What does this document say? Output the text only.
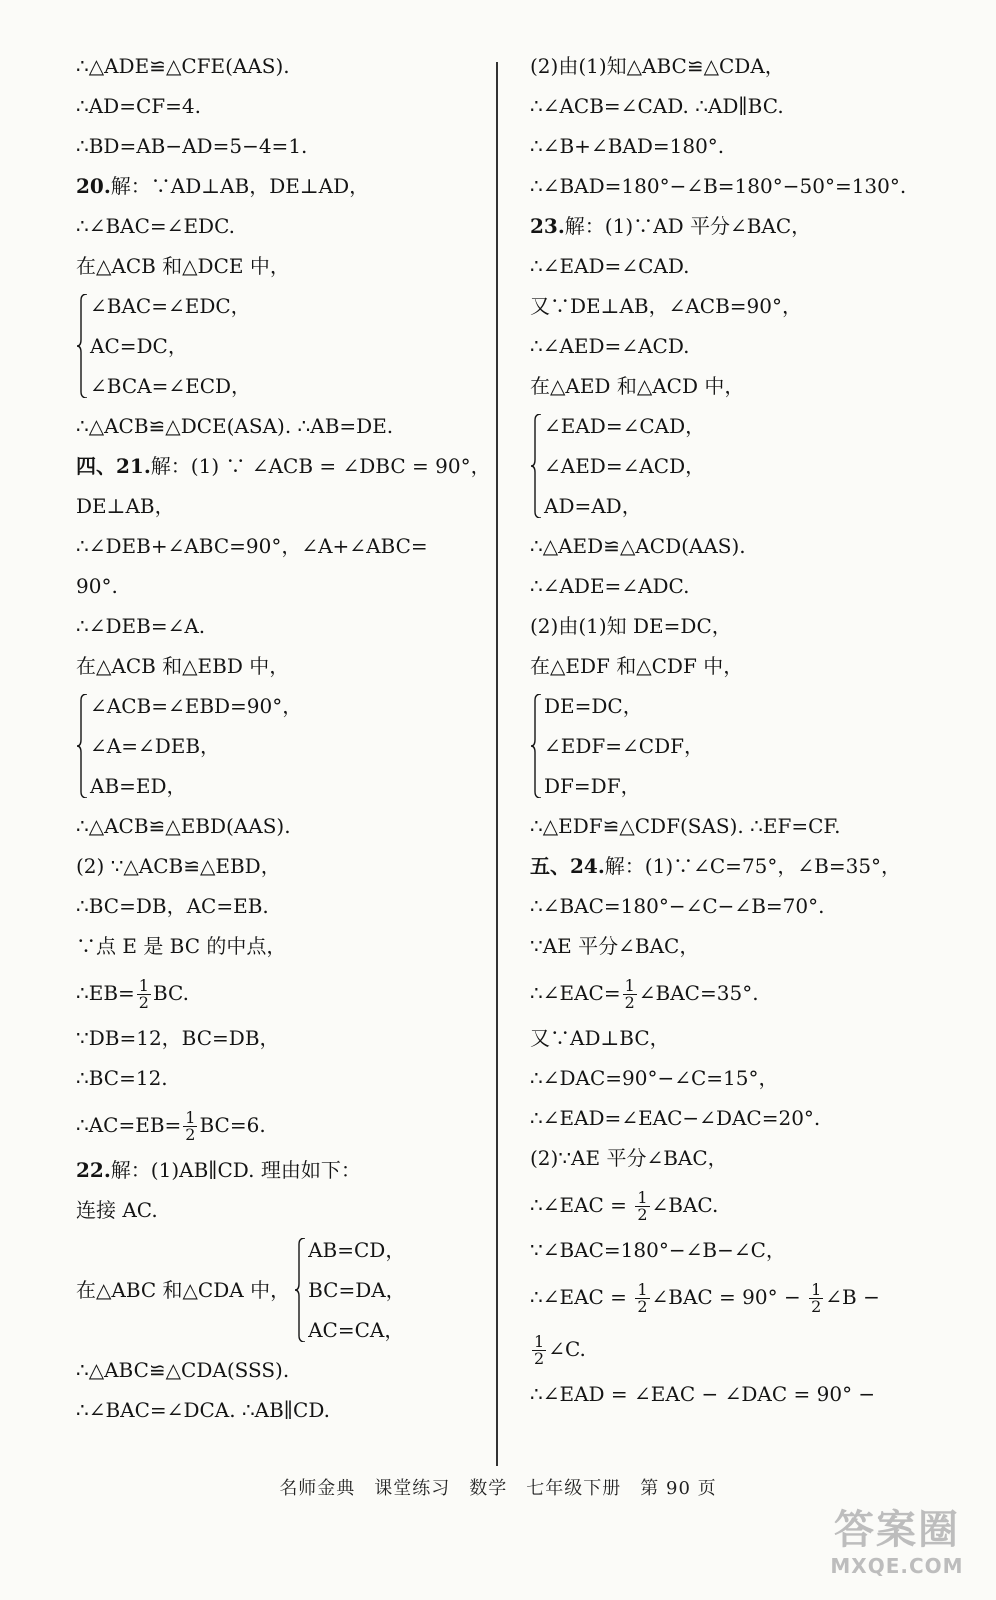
∴△ADE≌△CFE(AAS).
∴AD=CF=4.
∴BD=AB−AD=5−4=1.
20.解：∵AD⊥AB，DE⊥AD，
∴∠BAC=∠EDC.
在△ACB 和△DCE 中，
∠BAC=∠EDC，
AC=DC，
∠BCA=∠ECD，
∴△ACB≌△DCE(ASA). ∴AB=DE.
四、21.解：(1) ∵ ∠ACB = ∠DBC = 90°，
DE⊥AB，
∴∠DEB+∠ABC=90°，∠A+∠ABC=
90°.
∴∠DEB=∠A.
在△ACB 和△EBD 中，
∠ACB=∠EBD=90°，
∠A=∠DEB，
AB=ED，
∴△ACB≌△EBD(AAS).
(2) ∵△ACB≌△EBD，
∴BC=DB，AC=EB.
∵点 E 是 BC 的中点，
∴EB= $\frac{1}{2}$ BC.
∵DB=12，BC=DB，
∴BC=12.
∴AC=EB= $\frac{1}{2} BC=6$.
22.解：(1)AB∥CD. 理由如下：
连接 AC.
在△ABC 和△CDA 中，
AB=CD，
BC=DA，
AC=CA，
∴△ABC≌△CDA(SSS).
∴∠BAC=∠DCA. ∴AB∥CD.
(2)由(1)知△ABC≌△CDA，
∴∠ACB=∠CAD. ∴AD∥BC.
∴∠B+∠BAD=180°.
∴∠BAD=180°−∠B=180°−50°=130°.
23.解：(1)∵AD 平分∠BAC，
∴∠EAD=∠CAD.
又∵DE⊥AB，∠ACB=90°，
∴∠AED=∠ACD.
在△AED 和△ACD 中，
∠EAD=∠CAD，
∠AED=∠ACD，
AD=AD，
∴△AED≌△ACD(AAS).
∴∠ADE=∠ADC.
(2)由(1)知 DE=DC，
在△EDF 和△CDF 中，
DE=DC，
∠EDF=∠CDF，
DF=DF，
∴△EDF≌△CDF(SAS). ∴EF=CF.
五、24.解：(1)∵∠C=75°，∠B=35°，
∴∠BAC=180°−∠C−∠B=70°.
∵AE 平分∠BAC，
∴∠EAC= $\frac{1}{2}$ ∠BAC=35°.
又∵AD⊥BC，
∴∠DAC=90°−∠C=15°，
∴∠EAD=∠EAC−∠DAC=20°.
(2)∵AE 平分∠BAC，
∴∠EAC = $\frac{1}{2}$ ∠BAC.
∵∠BAC=180°−∠B−∠C，
∴∠EAC = $\frac{1}{2}$ ∠BAC = $90^\circ - \frac{1}{2}$ ∠B −
$\frac{1}{2}$ ∠C.
∴∠EAD = ∠EAC − ∠DAC = 90° −
名师金典　课堂练习　数学　七年级下册　第 90 页
答案圈
MXQE.COM
